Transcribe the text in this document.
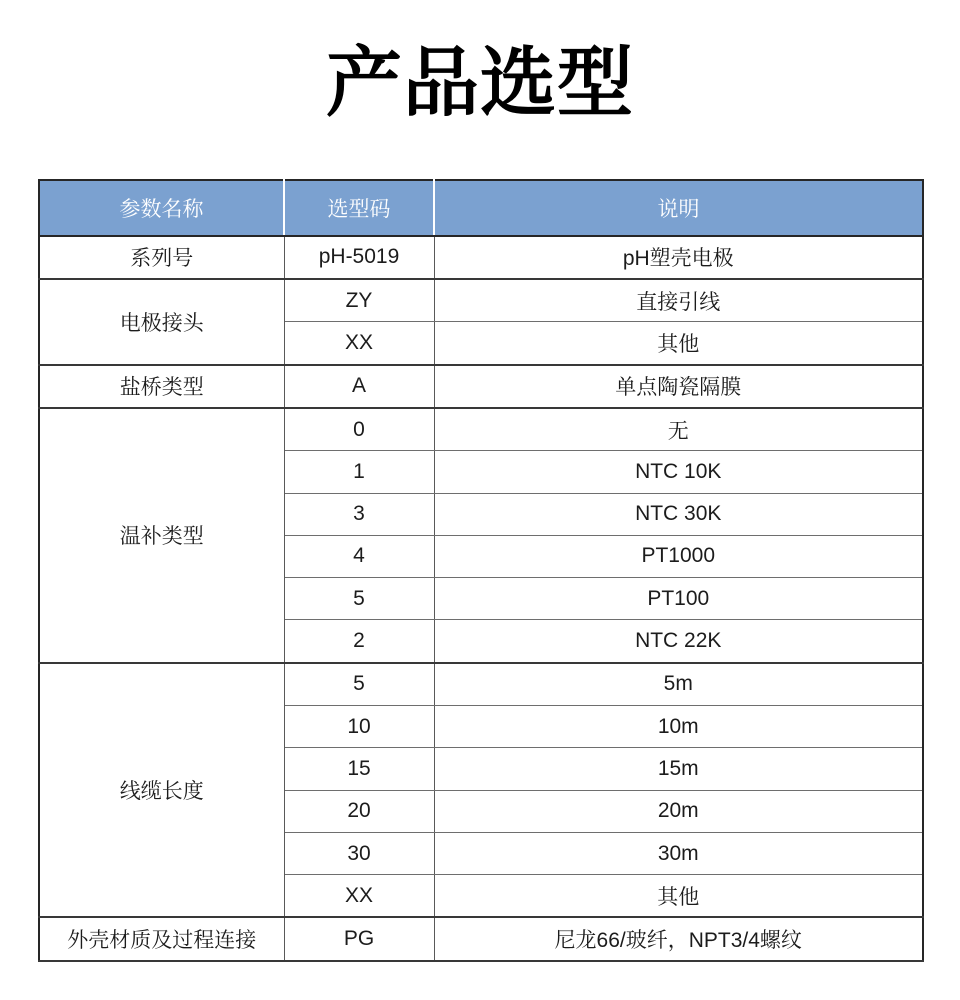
产品选型
参数名称	选型码	说明
系列号	pH-5019	pH塑壳电极
电极接头	ZY	直接引线
	XX	其他
盐桥类型	A	单点陶瓷隔膜
温补类型	0	无
	1	NTC 10K
	3	NTC 30K
	4	PT1000
	5	PT100
	2	NTC 22K
线缆长度	5	5m
	10	10m
	15	15m
	20	20m
	30	30m
	XX	其他
外壳材质及过程连接	PG	尼龙66/玻纤，NPT3/4螺纹
